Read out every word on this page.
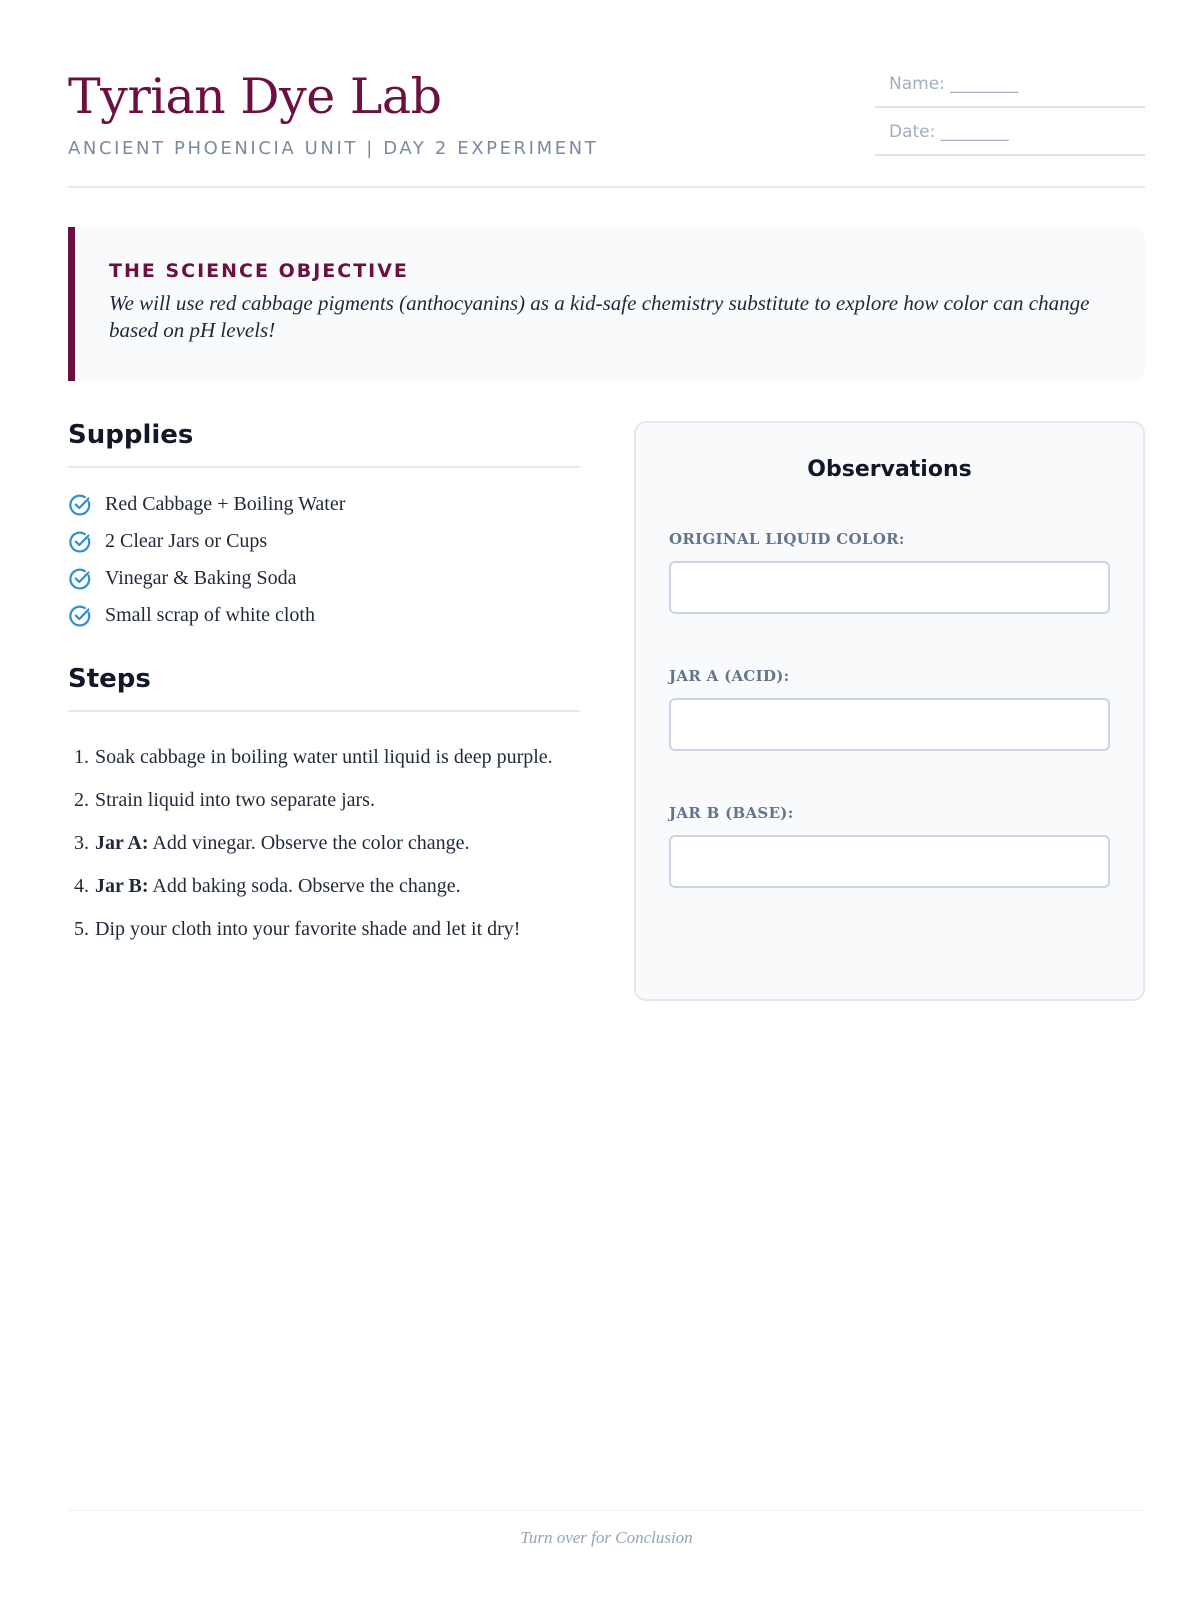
Tyrian Dye Lab
ANCIENT PHOENICIA UNIT | DAY 2 EXPERIMENT
Name: ________
Date: ________
THE SCIENCE OBJECTIVE

We will use red cabbage pigments (anthocyanins) as a kid-safe chemistry substitute to explore how color can change based on pH levels!

Supplies
Red Cabbage + Boiling Water
2 Clear Jars or Cups
Vinegar & Baking Soda
Small scrap of white cloth
Steps
1. Soak cabbage in boiling water until liquid is deep purple.
2. Strain liquid into two separate jars.
3. Jar A: Add vinegar. Observe the color change.
4. Jar B: Add baking soda. Observe the change.
5. Dip your cloth into your favorite shade and let it dry!
Observations
ORIGINAL LIQUID COLOR:
JAR A (ACID):
JAR B (BASE):
Turn over for Conclusion
